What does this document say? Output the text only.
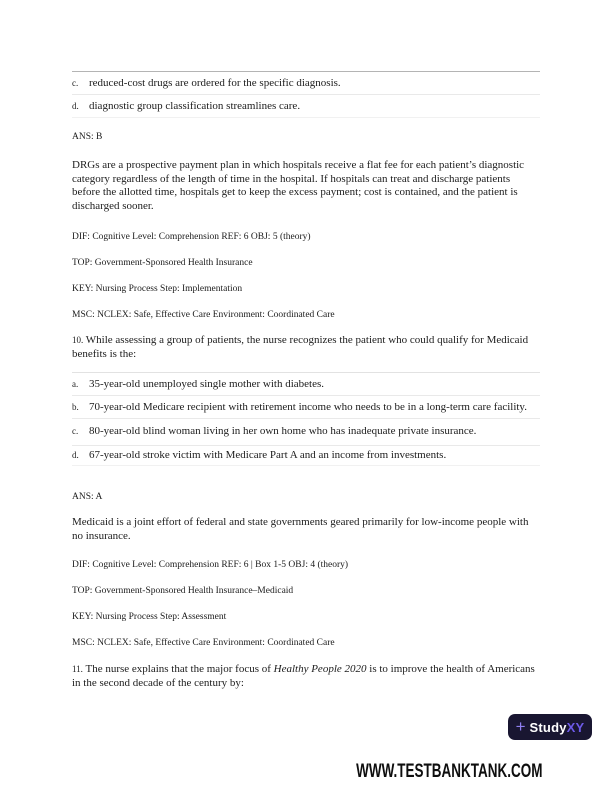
c. reduced-cost drugs are ordered for the specific diagnosis.
d. diagnostic group classification streamlines care.
ANS: B
DRGs are a prospective payment plan in which hospitals receive a flat fee for each patient’s diagnostic category regardless of the length of time in the hospital. If hospitals can treat and discharge patients before the allotted time, hospitals get to keep the excess payment; cost is contained, and the patient is discharged sooner.
DIF: Cognitive Level: Comprehension REF: 6 OBJ: 5 (theory)
TOP: Government-Sponsored Health Insurance
KEY: Nursing Process Step: Implementation
MSC: NCLEX: Safe, Effective Care Environment: Coordinated Care
10. While assessing a group of patients, the nurse recognizes the patient who could qualify for Medicaid benefits is the:
a. 35-year-old unemployed single mother with diabetes.
b. 70-year-old Medicare recipient with retirement income who needs to be in a long-term care facility.
c. 80-year-old blind woman living in her own home who has inadequate private insurance.
d. 67-year-old stroke victim with Medicare Part A and an income from investments.
ANS: A
Medicaid is a joint effort of federal and state governments geared primarily for low-income people with no insurance.
DIF: Cognitive Level: Comprehension REF: 6 | Box 1-5 OBJ: 4 (theory)
TOP: Government-Sponsored Health Insurance–Medicaid
KEY: Nursing Process Step: Assessment
MSC: NCLEX: Safe, Effective Care Environment: Coordinated Care
11. The nurse explains that the major focus of Healthy People 2020 is to improve the health of Americans in the second decade of the century by:
+ Study XY
WWW.TESTBANKTANK.COM
